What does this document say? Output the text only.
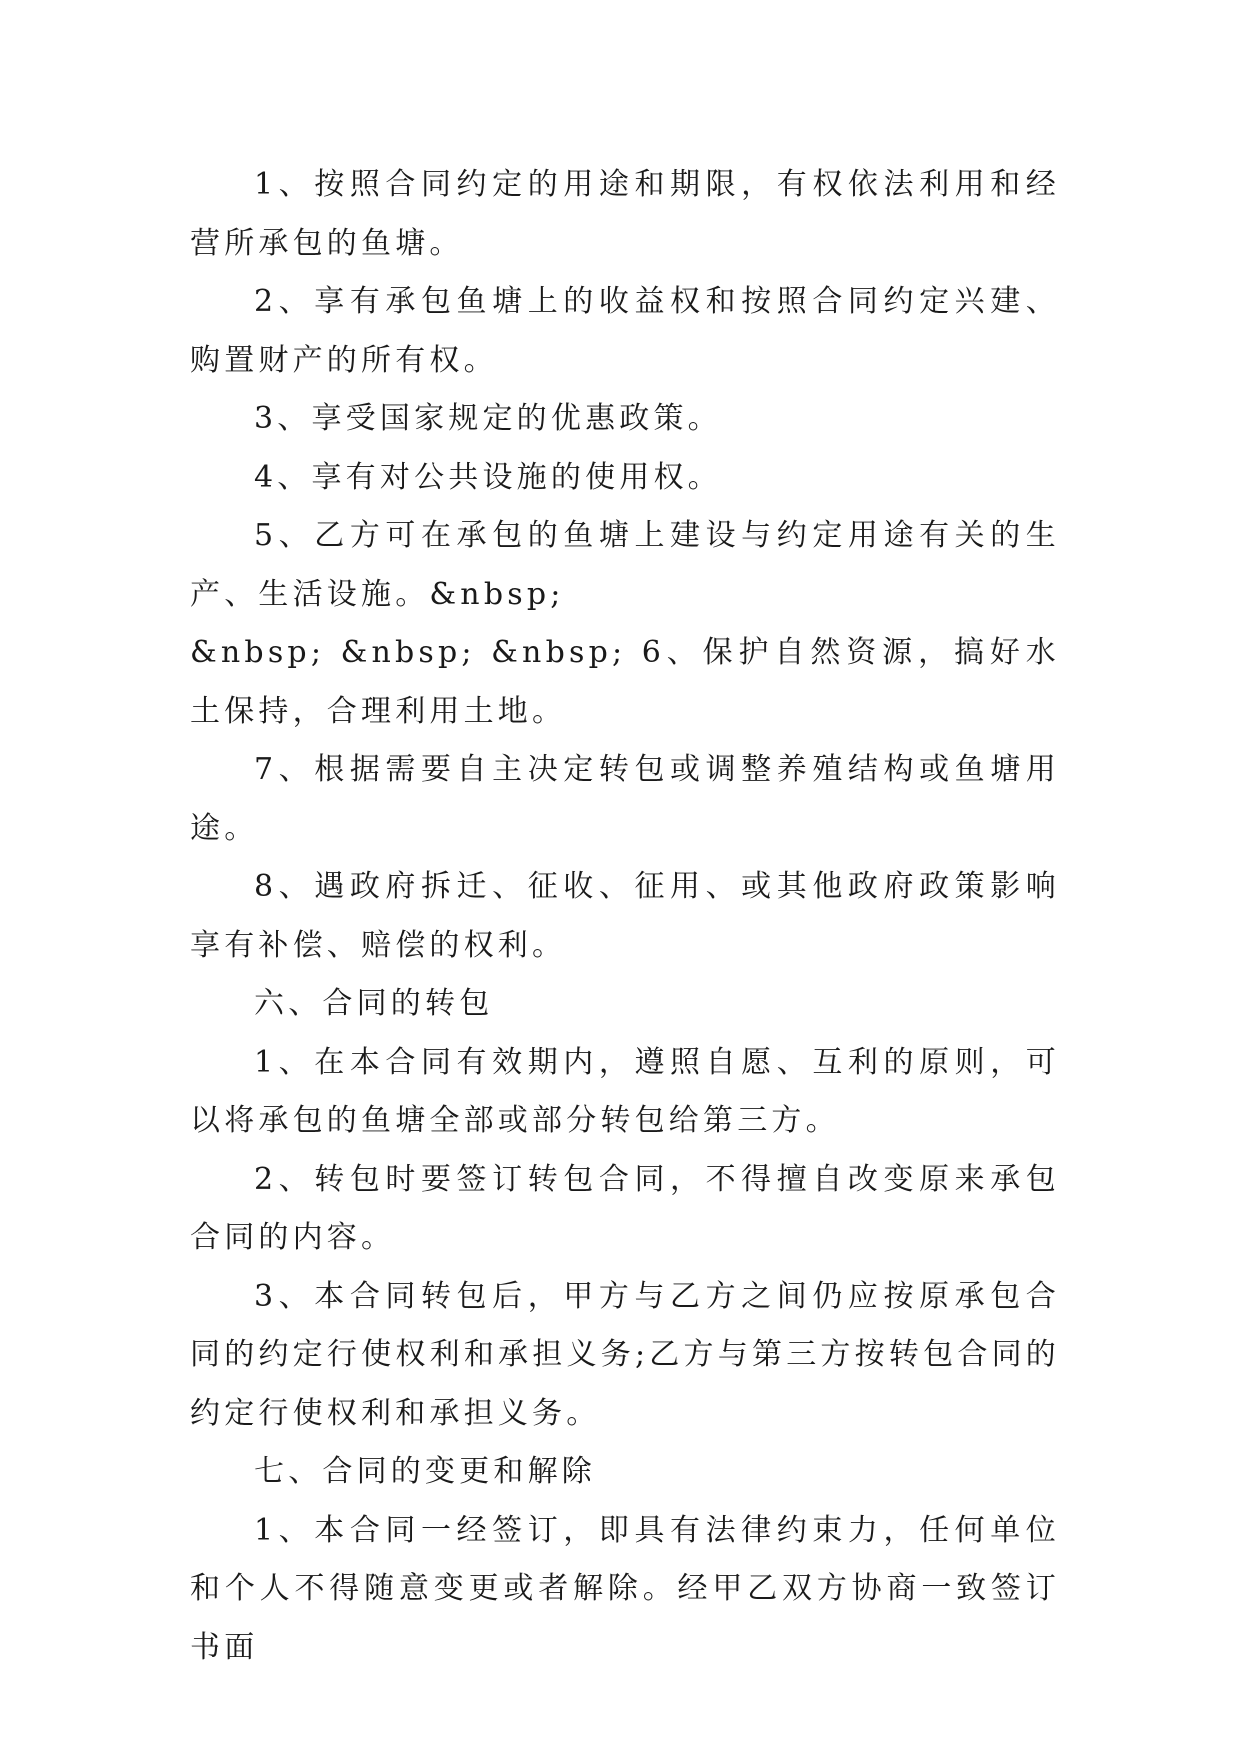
1、按照合同约定的用途和期限，有权依法利用和经营所承包的鱼塘。

2、享有承包鱼塘上的收益权和按照合同约定兴建、购置财产的所有权。

3、享受国家规定的优惠政策。

4、享有对公共设施的使用权。

5、乙方可在承包的鱼塘上建设与约定用途有关的生产、生活设施。&nbsp;

&nbsp; &nbsp; &nbsp; 6、保护自然资源，搞好水土保持，合理利用土地。

7、根据需要自主决定转包或调整养殖结构或鱼塘用途。

8、遇政府拆迁、征收、征用、或其他政府政策影响享有补偿、赔偿的权利。

六、合同的转包

1、在本合同有效期内，遵照自愿、互利的原则，可以将承包的鱼塘全部或部分转包给第三方。

2、转包时要签订转包合同，不得擅自改变原来承包合同的内容。

3、本合同转包后，甲方与乙方之间仍应按原承包合同的约定行使权利和承担义务;乙方与第三方按转包合同的约定行使权利和承担义务。

七、合同的变更和解除

1、本合同一经签订，即具有法律约束力，任何单位和个人不得随意变更或者解除。经甲乙双方协商一致签订书面
